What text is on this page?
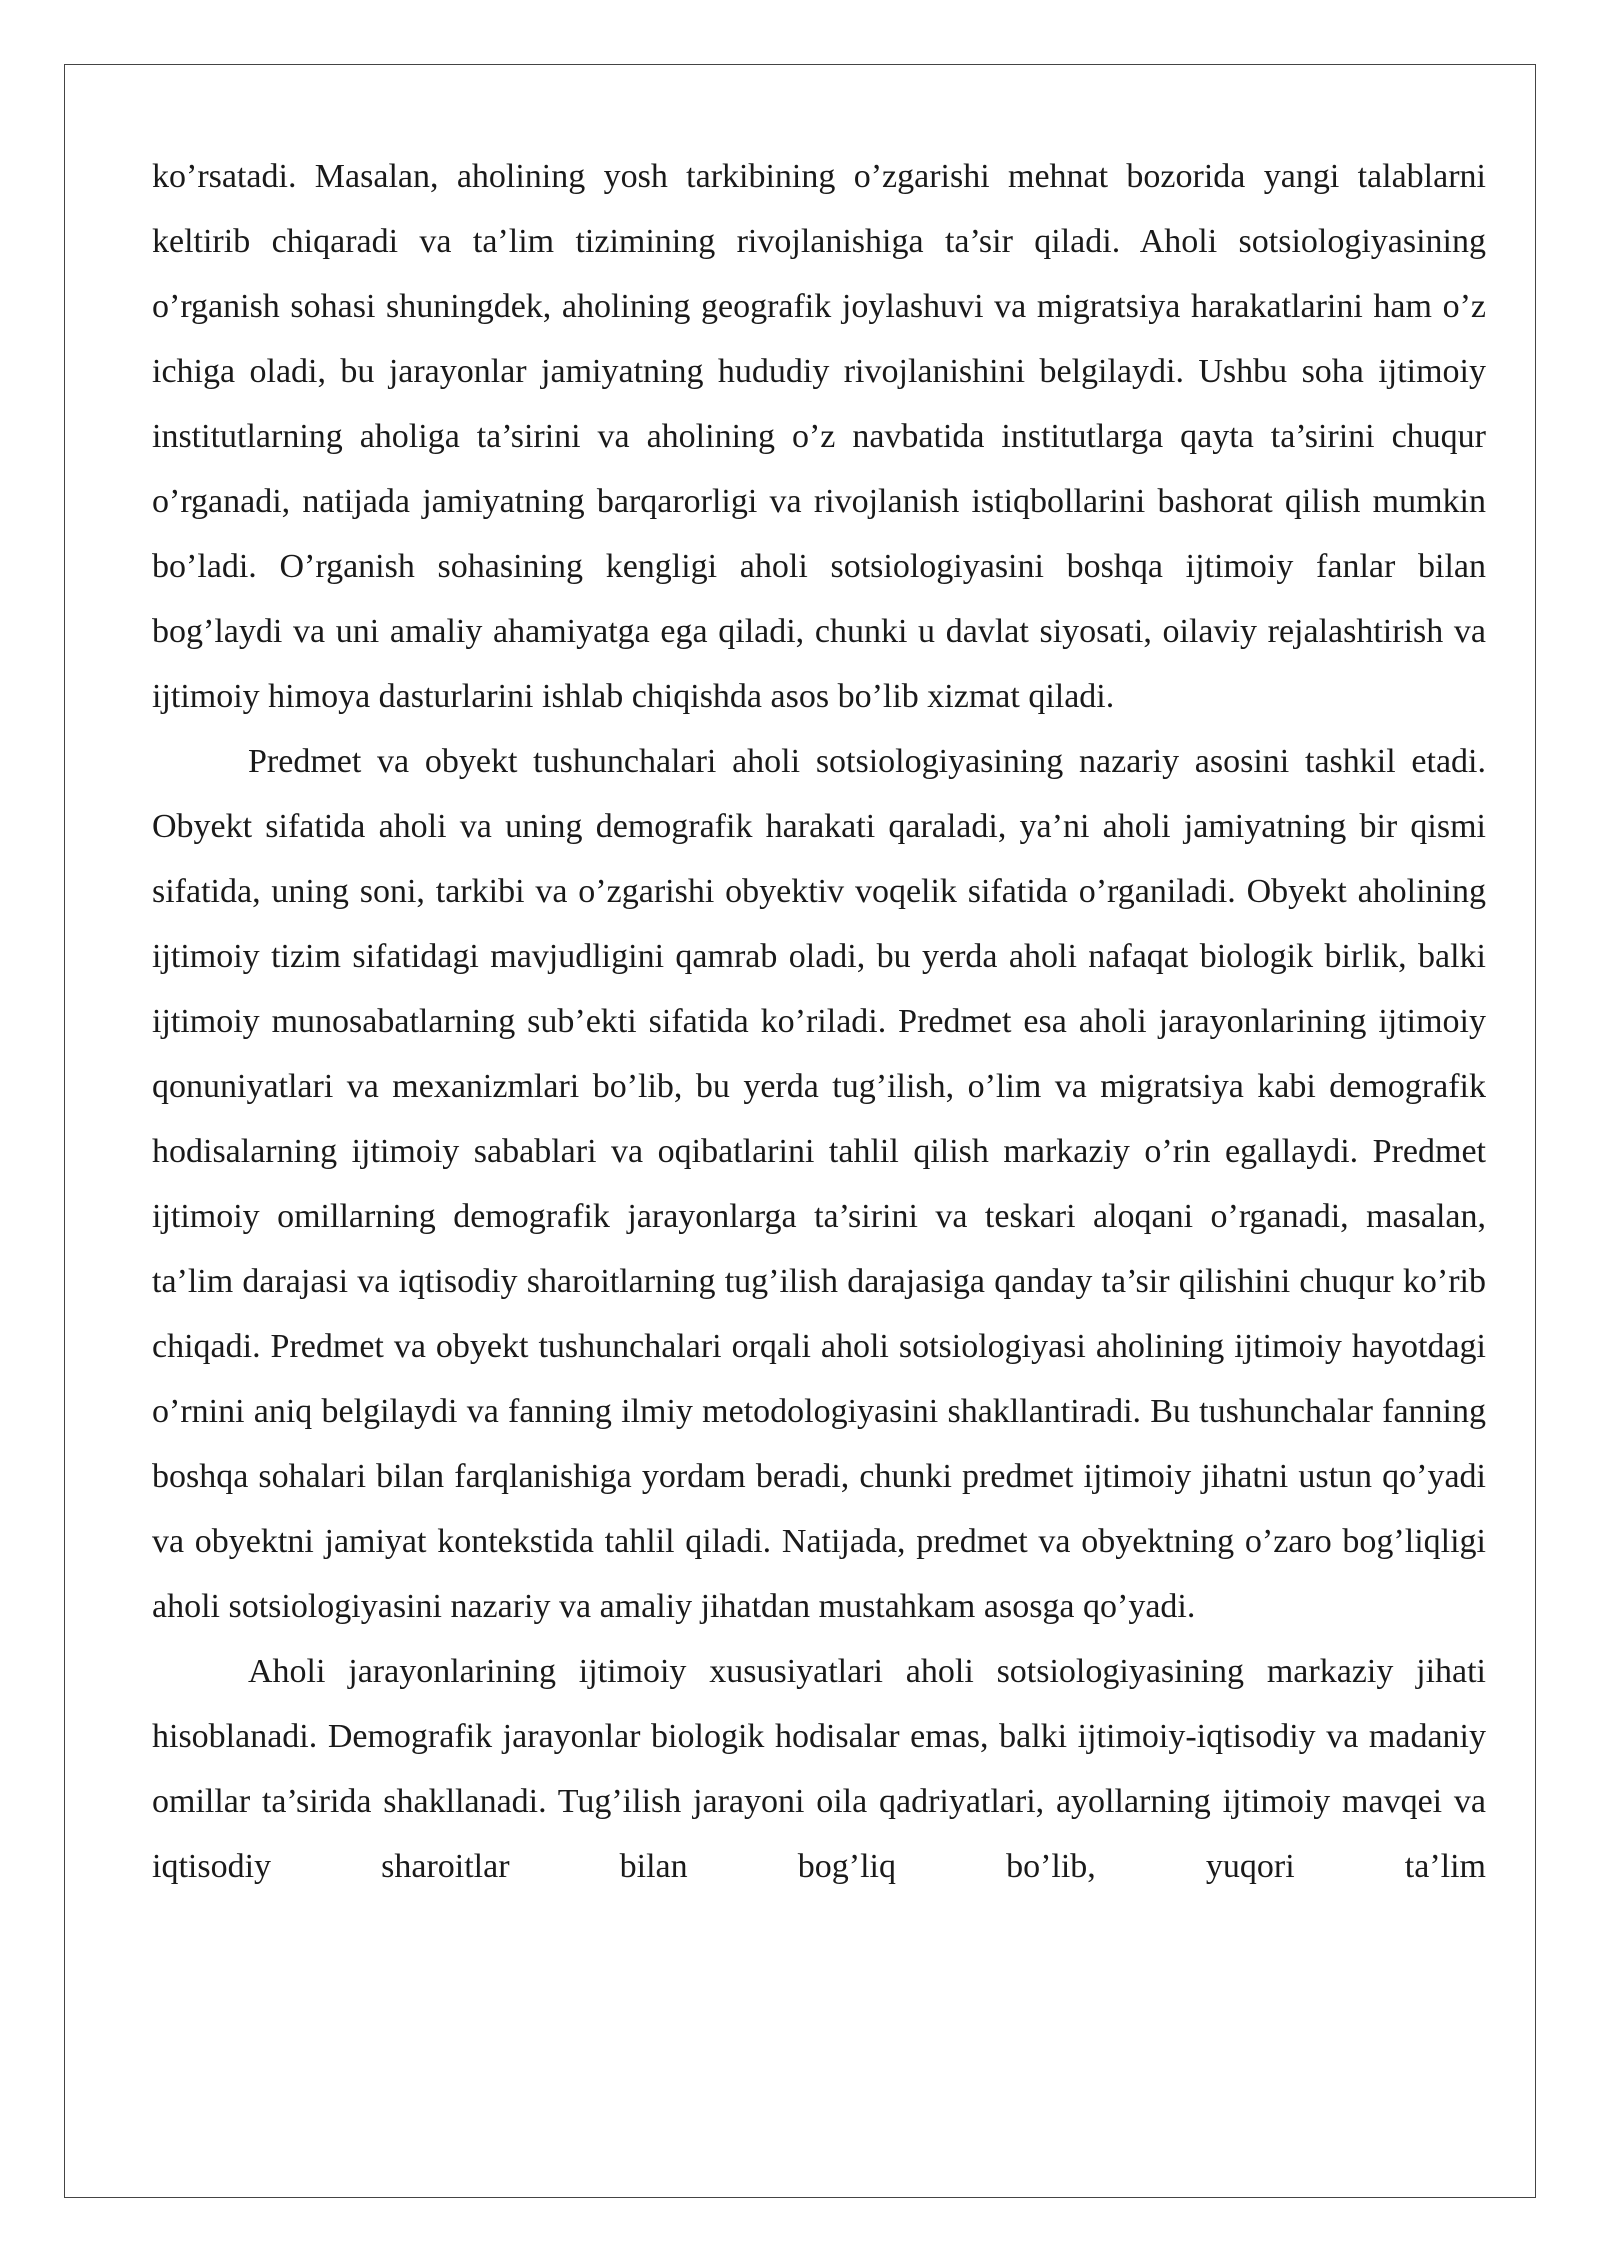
ko’rsatadi. Masalan, aholining yosh tarkibining o’zgarishi mehnat bozorida yangi talablarni keltirib chiqaradi va ta’lim tizimining rivojlanishiga ta’sir qiladi. Aholi sotsiologiyasining o’rganish sohasi shuningdek, aholining geografik joylashuvi va migratsiya harakatlarini ham o’z ichiga oladi, bu jarayonlar jamiyatning hududiy rivojlanishini belgilaydi. Ushbu soha ijtimoiy institutlarning aholiga ta’sirini va aholining o’z navbatida institutlarga qayta ta’sirini chuqur o’rganadi, natijada jamiyatning barqarorligi va rivojlanish istiqbollarini bashorat qilish mumkin bo’ladi. O’rganish sohasining kengligi aholi sotsiologiyasini boshqa ijtimoiy fanlar bilan bog’laydi va uni amaliy ahamiyatga ega qiladi, chunki u davlat siyosati, oilaviy rejalashtirish va ijtimoiy himoya dasturlarini ishlab chiqishda asos bo’lib xizmat qiladi.

Predmet va obyekt tushunchalari aholi sotsiologiyasining nazariy asosini tashkil etadi. Obyekt sifatida aholi va uning demografik harakati qaraladi, ya’ni aholi jamiyatning bir qismi sifatida, uning soni, tarkibi va o’zgarishi obyektiv voqelik sifatida o’rganiladi. Obyekt aholining ijtimoiy tizim sifatidagi mavjudligini qamrab oladi, bu yerda aholi nafaqat biologik birlik, balki ijtimoiy munosabatlarning sub’ekti sifatida ko’riladi. Predmet esa aholi jarayonlarining ijtimoiy qonuniyatlari va mexanizmlari bo’lib, bu yerda tug’ilish, o’lim va migratsiya kabi demografik hodisalarning ijtimoiy sabablari va oqibatlarini tahlil qilish markaziy o’rin egallaydi. Predmet ijtimoiy omillarning demografik jarayonlarga ta’sirini va teskari aloqani o’rganadi, masalan, ta’lim darajasi va iqtisodiy sharoitlarning tug’ilish darajasiga qanday ta’sir qilishini chuqur ko’rib chiqadi. Predmet va obyekt tushunchalari orqali aholi sotsiologiyasi aholining ijtimoiy hayotdagi o’rnini aniq belgilaydi va fanning ilmiy metodologiyasini shakllantiradi. Bu tushunchalar fanning boshqa sohalari bilan farqlanishiga yordam beradi, chunki predmet ijtimoiy jihatni ustun qo’yadi va obyektni jamiyat kontekstida tahlil qiladi. Natijada, predmet va obyektning o’zaro bog’liqligi aholi sotsiologiyasini nazariy va amaliy jihatdan mustahkam asosga qo’yadi.

Aholi jarayonlarining ijtimoiy xususiyatlari aholi sotsiologiyasining markaziy jihati hisoblanadi. Demografik jarayonlar biologik hodisalar emas, balki ijtimoiy-iqtisodiy va madaniy omillar ta’sirida shakllanadi. Tug’ilish jarayoni oila qadriyatlari, ayollarning ijtimoiy mavqei va iqtisodiy sharoitlar bilan bog’liq bo’lib, yuqori ta’lim
